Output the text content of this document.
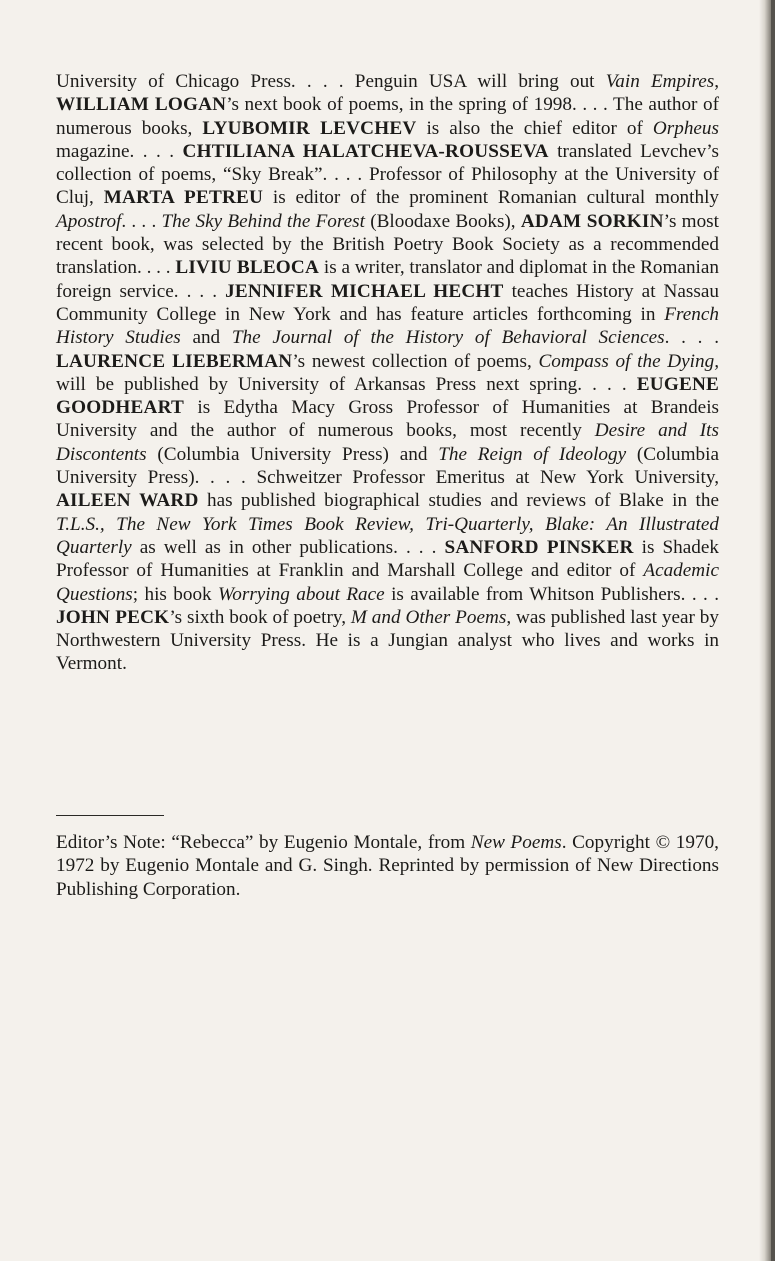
University of Chicago Press. . . . Penguin USA will bring out Vain Empires, WILLIAM LOGAN’s next book of poems, in the spring of 1998. . . . The author of numerous books, LYUBOMIR LEVCHEV is also the chief editor of Orpheus magazine. . . . CHTILIANA HALATCHEVA-ROUSSEVA translated Levchev’s collection of poems, “Sky Break”. . . . Professor of Philosophy at the University of Cluj, MARTA PETREU is editor of the prominent Romanian cultural monthly Apostrof. . . . The Sky Behind the Forest (Bloodaxe Books), ADAM SORKIN’s most recent book, was selected by the British Poetry Book Society as a recommended translation. . . . LIVIU BLEOCA is a writer, translator and diplomat in the Romanian foreign service. . . . JENNIFER MICHAEL HECHT teaches History at Nassau Community College in New York and has feature articles forthcoming in French History Studies and The Journal of the History of Behavioral Sciences. . . . LAURENCE LIEBERMAN’s newest collection of poems, Compass of the Dying, will be published by University of Arkansas Press next spring. . . . EUGENE GOODHEART is Edytha Macy Gross Professor of Humanities at Brandeis University and the author of numerous books, most recently Desire and Its Discontents (Columbia University Press) and The Reign of Ideology (Columbia University Press). . . . Schweitzer Professor Emeritus at New York University, AILEEN WARD has published biographical studies and reviews of Blake in the T.L.S., The New York Times Book Review, Tri-Quarterly, Blake: An Illustrated Quarterly as well as in other publications. . . . SANFORD PINSKER is Shadek Professor of Humanities at Franklin and Marshall College and editor of Academic Questions; his book Worrying about Race is available from Whitson Publishers. . . . JOHN PECK’s sixth book of poetry, M and Other Poems, was published last year by Northwestern University Press. He is a Jungian analyst who lives and works in Vermont.
Editor’s Note: “Rebecca” by Eugenio Montale, from New Poems. Copyright © 1970, 1972 by Eugenio Montale and G. Singh. Reprinted by permission of New Directions Publishing Corporation.
